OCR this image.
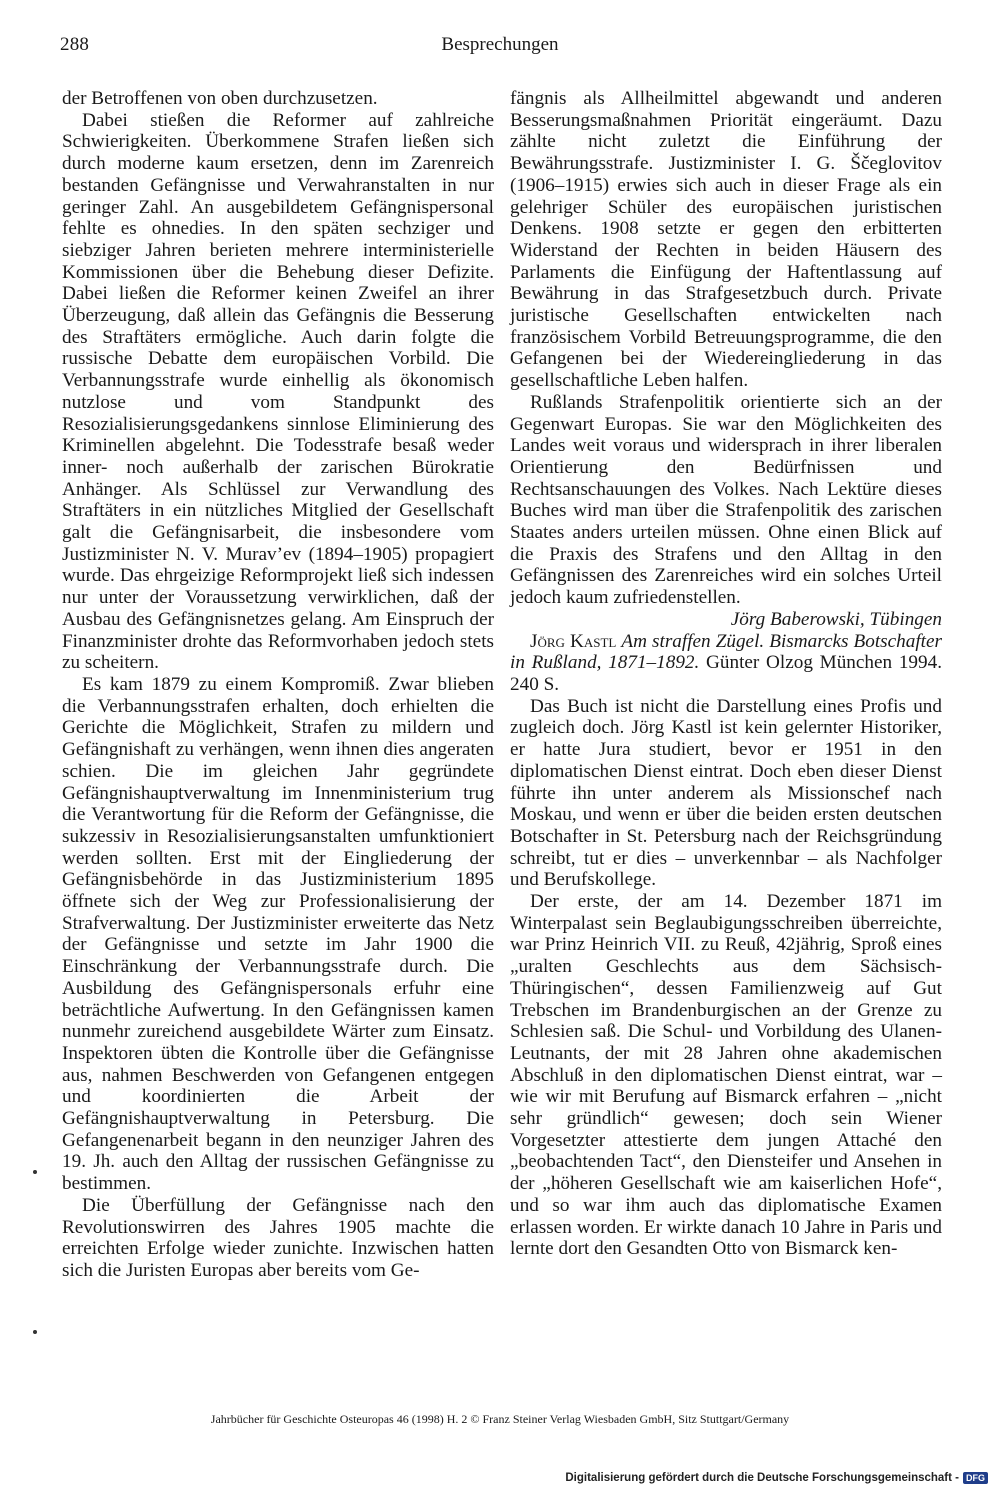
288	Besprechungen

der Betroffenen von oben durchzusetzen.

Dabei stießen die Reformer auf zahlreiche Schwierigkeiten. Überkommene Strafen ließen sich durch moderne kaum ersetzen, denn im Zarenreich bestanden Gefängnisse und Verwahranstalten in nur geringer Zahl. An ausgebildetem Gefängnispersonal fehlte es ohnedies. In den späten sechziger und siebziger Jahren berieten mehrere interministerielle Kommissionen über die Behebung dieser Defizite. Dabei ließen die Reformer keinen Zweifel an ihrer Überzeugung, daß allein das Gefängnis die Besserung des Straftäters ermögliche. Auch darin folgte die russische Debatte dem europäischen Vorbild. Die Verbannungsstrafe wurde einhellig als ökonomisch nutzlose und vom Standpunkt des Resozialisierungsgedankens sinnlose Eliminierung des Kriminellen abgelehnt. Die Todesstrafe besaß weder inner- noch außerhalb der zarischen Bürokratie Anhänger. Als Schlüssel zur Verwandlung des Straftäters in ein nützliches Mitglied der Gesellschaft galt die Gefängnisarbeit, die insbesondere vom Justizminister N. V. Murav’ev (1894–1905) propagiert wurde. Das ehrgeizige Reformprojekt ließ sich indessen nur unter der Voraussetzung verwirklichen, daß der Ausbau des Gefängnisnetzes gelang. Am Einspruch der Finanzminister drohte das Reformvorhaben jedoch stets zu scheitern.

Es kam 1879 zu einem Kompromiß. Zwar blieben die Verbannungsstrafen erhalten, doch erhielten die Gerichte die Möglichkeit, Strafen zu mildern und Gefängnishaft zu verhängen, wenn ihnen dies angeraten schien. Die im gleichen Jahr gegründete Gefängnishauptverwaltung im Innenministerium trug die Verantwortung für die Reform der Gefängnisse, die sukzessiv in Resozialisierungsanstalten umfunktioniert werden sollten. Erst mit der Eingliederung der Gefängnisbehörde in das Justizministerium 1895 öffnete sich der Weg zur Professionalisierung der Strafverwaltung. Der Justizminister erweiterte das Netz der Gefängnisse und setzte im Jahr 1900 die Einschränkung der Verbannungsstrafe durch. Die Ausbildung des Gefängnispersonals erfuhr eine beträchtliche Aufwertung. In den Gefängnissen kamen nunmehr zureichend ausgebildete Wärter zum Einsatz. Inspektoren übten die Kontrolle über die Gefängnisse aus, nahmen Beschwerden von Gefangenen entgegen und koordinierten die Arbeit der Gefängnishauptverwaltung in Petersburg. Die Gefangenenarbeit begann in den neunziger Jahren des 19. Jh. auch den Alltag der russischen Gefängnisse zu bestimmen.

Die Überfüllung der Gefängnisse nach den Revolutionswirren des Jahres 1905 machte die erreichten Erfolge wieder zunichte. Inzwischen hatten sich die Juristen Europas aber bereits vom Ge-

fängnis als Allheilmittel abgewandt und anderen Besserungsmaßnahmen Priorität eingeräumt. Dazu zählte nicht zuletzt die Einführung der Bewährungsstrafe. Justizminister I. G. Ščeglovitov (1906–1915) erwies sich auch in dieser Frage als ein gelehriger Schüler des europäischen juristischen Denkens. 1908 setzte er gegen den erbitterten Widerstand der Rechten in beiden Häusern des Parlaments die Einfügung der Haftentlassung auf Bewährung in das Strafgesetzbuch durch. Private juristische Gesellschaften entwickelten nach französischem Vorbild Betreuungsprogramme, die den Gefangenen bei der Wiedereingliederung in das gesellschaftliche Leben halfen.

Rußlands Strafenpolitik orientierte sich an der Gegenwart Europas. Sie war den Möglichkeiten des Landes weit voraus und widersprach in ihrer liberalen Orientierung den Bedürfnissen und Rechtsanschauungen des Volkes. Nach Lektüre dieses Buches wird man über die Strafenpolitik des zarischen Staates anders urteilen müssen. Ohne einen Blick auf die Praxis des Strafens und den Alltag in den Gefängnissen des Zarenreiches wird ein solches Urteil jedoch kaum zufriedenstellen.

Jörg Baberowski, Tübingen

Jörg Kastl Am straffen Zügel. Bismarcks Botschafter in Rußland, 1871–1892. Günter Olzog München 1994. 240 S.

Das Buch ist nicht die Darstellung eines Profis und zugleich doch. Jörg Kastl ist kein gelernter Historiker, er hatte Jura studiert, bevor er 1951 in den diplomatischen Dienst eintrat. Doch eben dieser Dienst führte ihn unter anderem als Missionschef nach Moskau, und wenn er über die beiden ersten deutschen Botschafter in St. Petersburg nach der Reichsgründung schreibt, tut er dies – unverkennbar – als Nachfolger und Berufskollege.

Der erste, der am 14. Dezember 1871 im Winterpalast sein Beglaubigungsschreiben überreichte, war Prinz Heinrich VII. zu Reuß, 42jährig, Sproß eines „uralten Geschlechts aus dem Sächsisch-Thüringischen“, dessen Familienzweig auf Gut Trebschen im Brandenburgischen an der Grenze zu Schlesien saß. Die Schul- und Vorbildung des Ulanen-Leutnants, der mit 28 Jahren ohne akademischen Abschluß in den diplomatischen Dienst eintrat, war – wie wir mit Berufung auf Bismarck erfahren – „nicht sehr gründlich“ gewesen; doch sein Wiener Vorgesetzter attestierte dem jungen Attaché den „beobachtenden Tact“, den Diensteifer und Ansehen in der „höheren Gesellschaft wie am kaiserlichen Hofe“, und so war ihm auch das diplomatische Examen erlassen worden. Er wirkte danach 10 Jahre in Paris und lernte dort den Gesandten Otto von Bismarck ken-

Jahrbücher für Geschichte Osteuropas 46 (1998) H. 2 © Franz Steiner Verlag Wiesbaden GmbH, Sitz Stuttgart/Germany
Digitalisierung gefördert durch die Deutsche Forschungsgemeinschaft - DFG
